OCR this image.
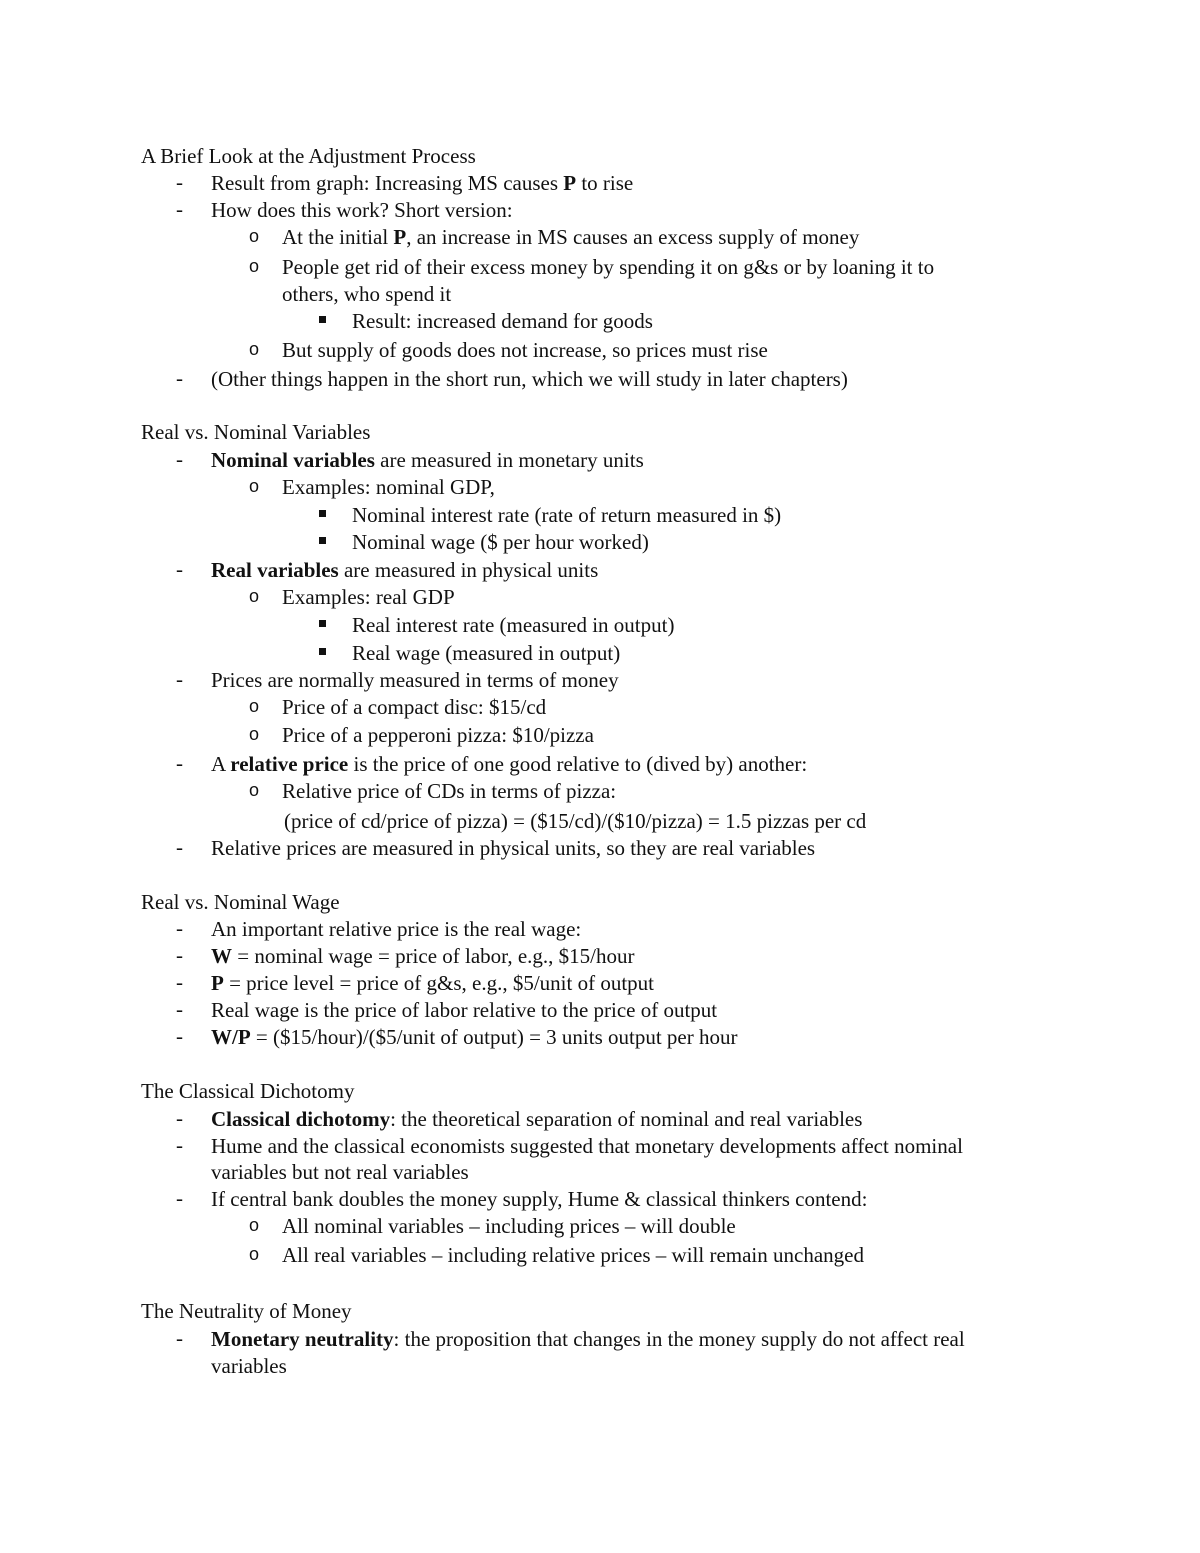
A Brief Look at the Adjustment Process
- Result from graph: Increasing MS causes P to rise
- How does this work? Short version:
o At the initial P, an increase in MS causes an excess supply of money
o People get rid of their excess money by spending it on g&s or by loaning it to
others, who spend it
Result: increased demand for goods
o But supply of goods does not increase, so prices must rise
- (Other things happen in the short run, which we will study in later chapters)
Real vs. Nominal Variables
- Nominal variables are measured in monetary units
o Examples: nominal GDP,
Nominal interest rate (rate of return measured in $)
Nominal wage ($ per hour worked)
- Real variables are measured in physical units
o Examples: real GDP
Real interest rate (measured in output)
Real wage (measured in output)
- Prices are normally measured in terms of money
o Price of a compact disc: $15/cd
o Price of a pepperoni pizza: $10/pizza
- A relative price is the price of one good relative to (dived by) another:
o Relative price of CDs in terms of pizza:
(price of cd/price of pizza) = ($15/cd)/($10/pizza) = 1.5 pizzas per cd
- Relative prices are measured in physical units, so they are real variables
Real vs. Nominal Wage
- An important relative price is the real wage:
- W = nominal wage = price of labor, e.g., $15/hour
- P = price level = price of g&s, e.g., $5/unit of output
- Real wage is the price of labor relative to the price of output
- W/P = ($15/hour)/($5/unit of output) = 3 units output per hour
The Classical Dichotomy
- Classical dichotomy: the theoretical separation of nominal and real variables
- Hume and the classical economists suggested that monetary developments affect nominal
variables but not real variables
- If central bank doubles the money supply, Hume & classical thinkers contend:
o All nominal variables – including prices – will double
o All real variables – including relative prices – will remain unchanged
The Neutrality of Money
- Monetary neutrality: the proposition that changes in the money supply do not affect real
variables
